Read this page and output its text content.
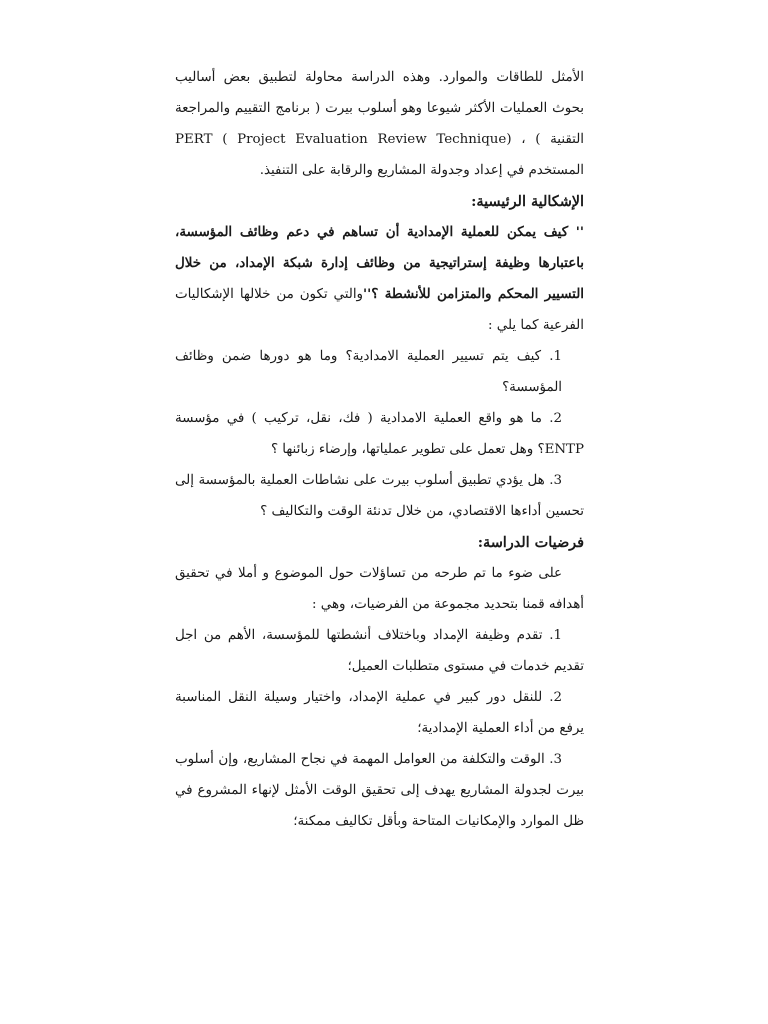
الأمثل للطاقات والموارد. وهذه الدراسة محاولة لتطبيق بعض أساليب بحوث العمليات الأكثر شيوعا وهو أسلوب بيرت ( برنامج التقييم والمراجعة التقنية ) ، PERT ( Project Evaluation Review Technique) المستخدم في إعداد وجدولة المشاريع والرقابة على التنفيذ.

الإشكالية الرئيسية:

'' كيف يمكن للعملية الإمدادية أن تساهم في دعم وظائف المؤسسة، باعتبارها وظيفة إستراتيجية من وظائف إدارة شبكة الإمداد، من خلال التسيير المحكم والمتزامن للأنشطة ؟''والتي تكون من خلالها الإشكاليات الفرعية كما يلي :

1. كيف يتم تسيير العملية الامدادية؟ وما هو دورها ضمن وظائف المؤسسة؟

2. ما هو واقع العملية الامدادية ( فك، نقل، تركيب ) في مؤسسة ENTP؟ وهل تعمل على تطوير عملياتها، وإرضاء زبائنها ؟

3. هل يؤدي تطبيق أسلوب بيرت على نشاطات العملية بالمؤسسة إلى تحسين أداءها الاقتصادي، من خلال تدنئة الوقت والتكاليف ؟

فرضيات الدراسة:

على ضوء ما تم طرحه من تساؤلات حول الموضوع و أملا في تحقيق أهدافه قمنا بتحديد مجموعة من الفرضيات، وهي :

1. تقدم وظيفة الإمداد وباختلاف أنشطتها للمؤسسة، الأهم من اجل تقديم خدمات في مستوى متطلبات العميل؛

2. للنقل دور كبير في عملية الإمداد، واختيار وسيلة النقل المناسبة يرفع من أداء العملية الإمدادية؛

3. الوقت والتكلفة من العوامل المهمة في نجاح المشاريع، وإن أسلوب بيرت لجدولة المشاريع يهدف إلى تحقيق الوقت الأمثل لإنهاء المشروع في ظل الموارد والإمكانيات المتاحة وبأقل تكاليف ممكنة؛
